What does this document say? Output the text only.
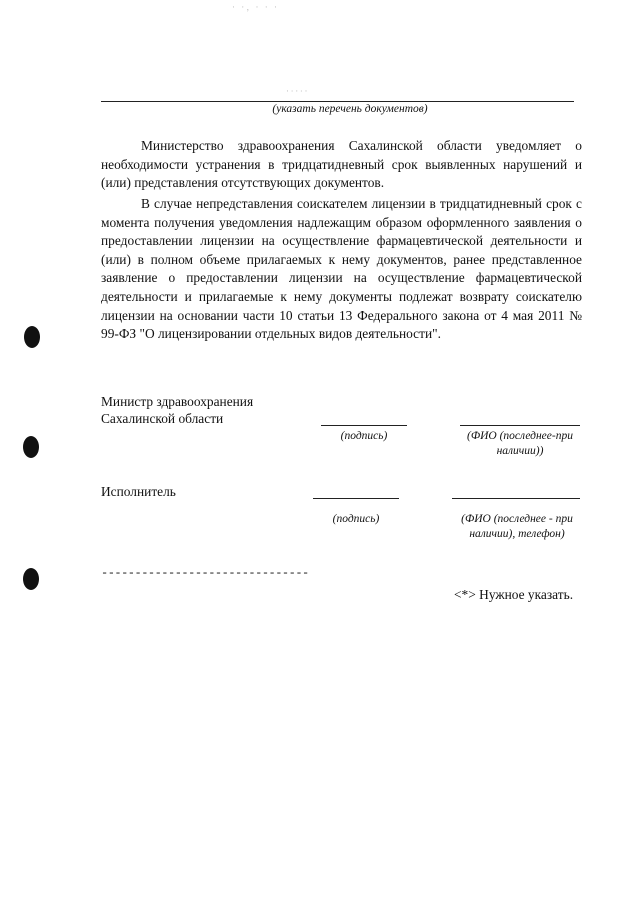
· ·‚ · · ·
·∙·∙·
(указать перечень документов)

Министерство здравоохранения Сахалинской области уведомляет о необходимости устранения в тридцатидневный срок выявленных нарушений и (или) представления отсутствующих документов.

В случае непредставления соискателем лицензии в тридцатидневный срок с момента получения уведомления надлежащим образом оформленного заявления о предоставлении лицензии на осуществление фармацевтической деятельности и (или) в полном объеме прилагаемых к нему документов, ранее представленное заявление о предоставлении лицензии на осуществление фармацевтической деятельности и прилагаемые к нему документы подлежат возврату соискателю лицензии на основании части 10 статьи 13 Федерального закона от 4 мая 2011 № 99-ФЗ "О лицензировании отдельных видов деятельности".

Министр здравоохранения
Сахалинской области
(подпись)	(ФИО (последнее-при
наличии))
Исполнитель
(подпись)	(ФИО (последнее - при
наличии), телефон)
-------------------------------
<*> Нужное указать.
